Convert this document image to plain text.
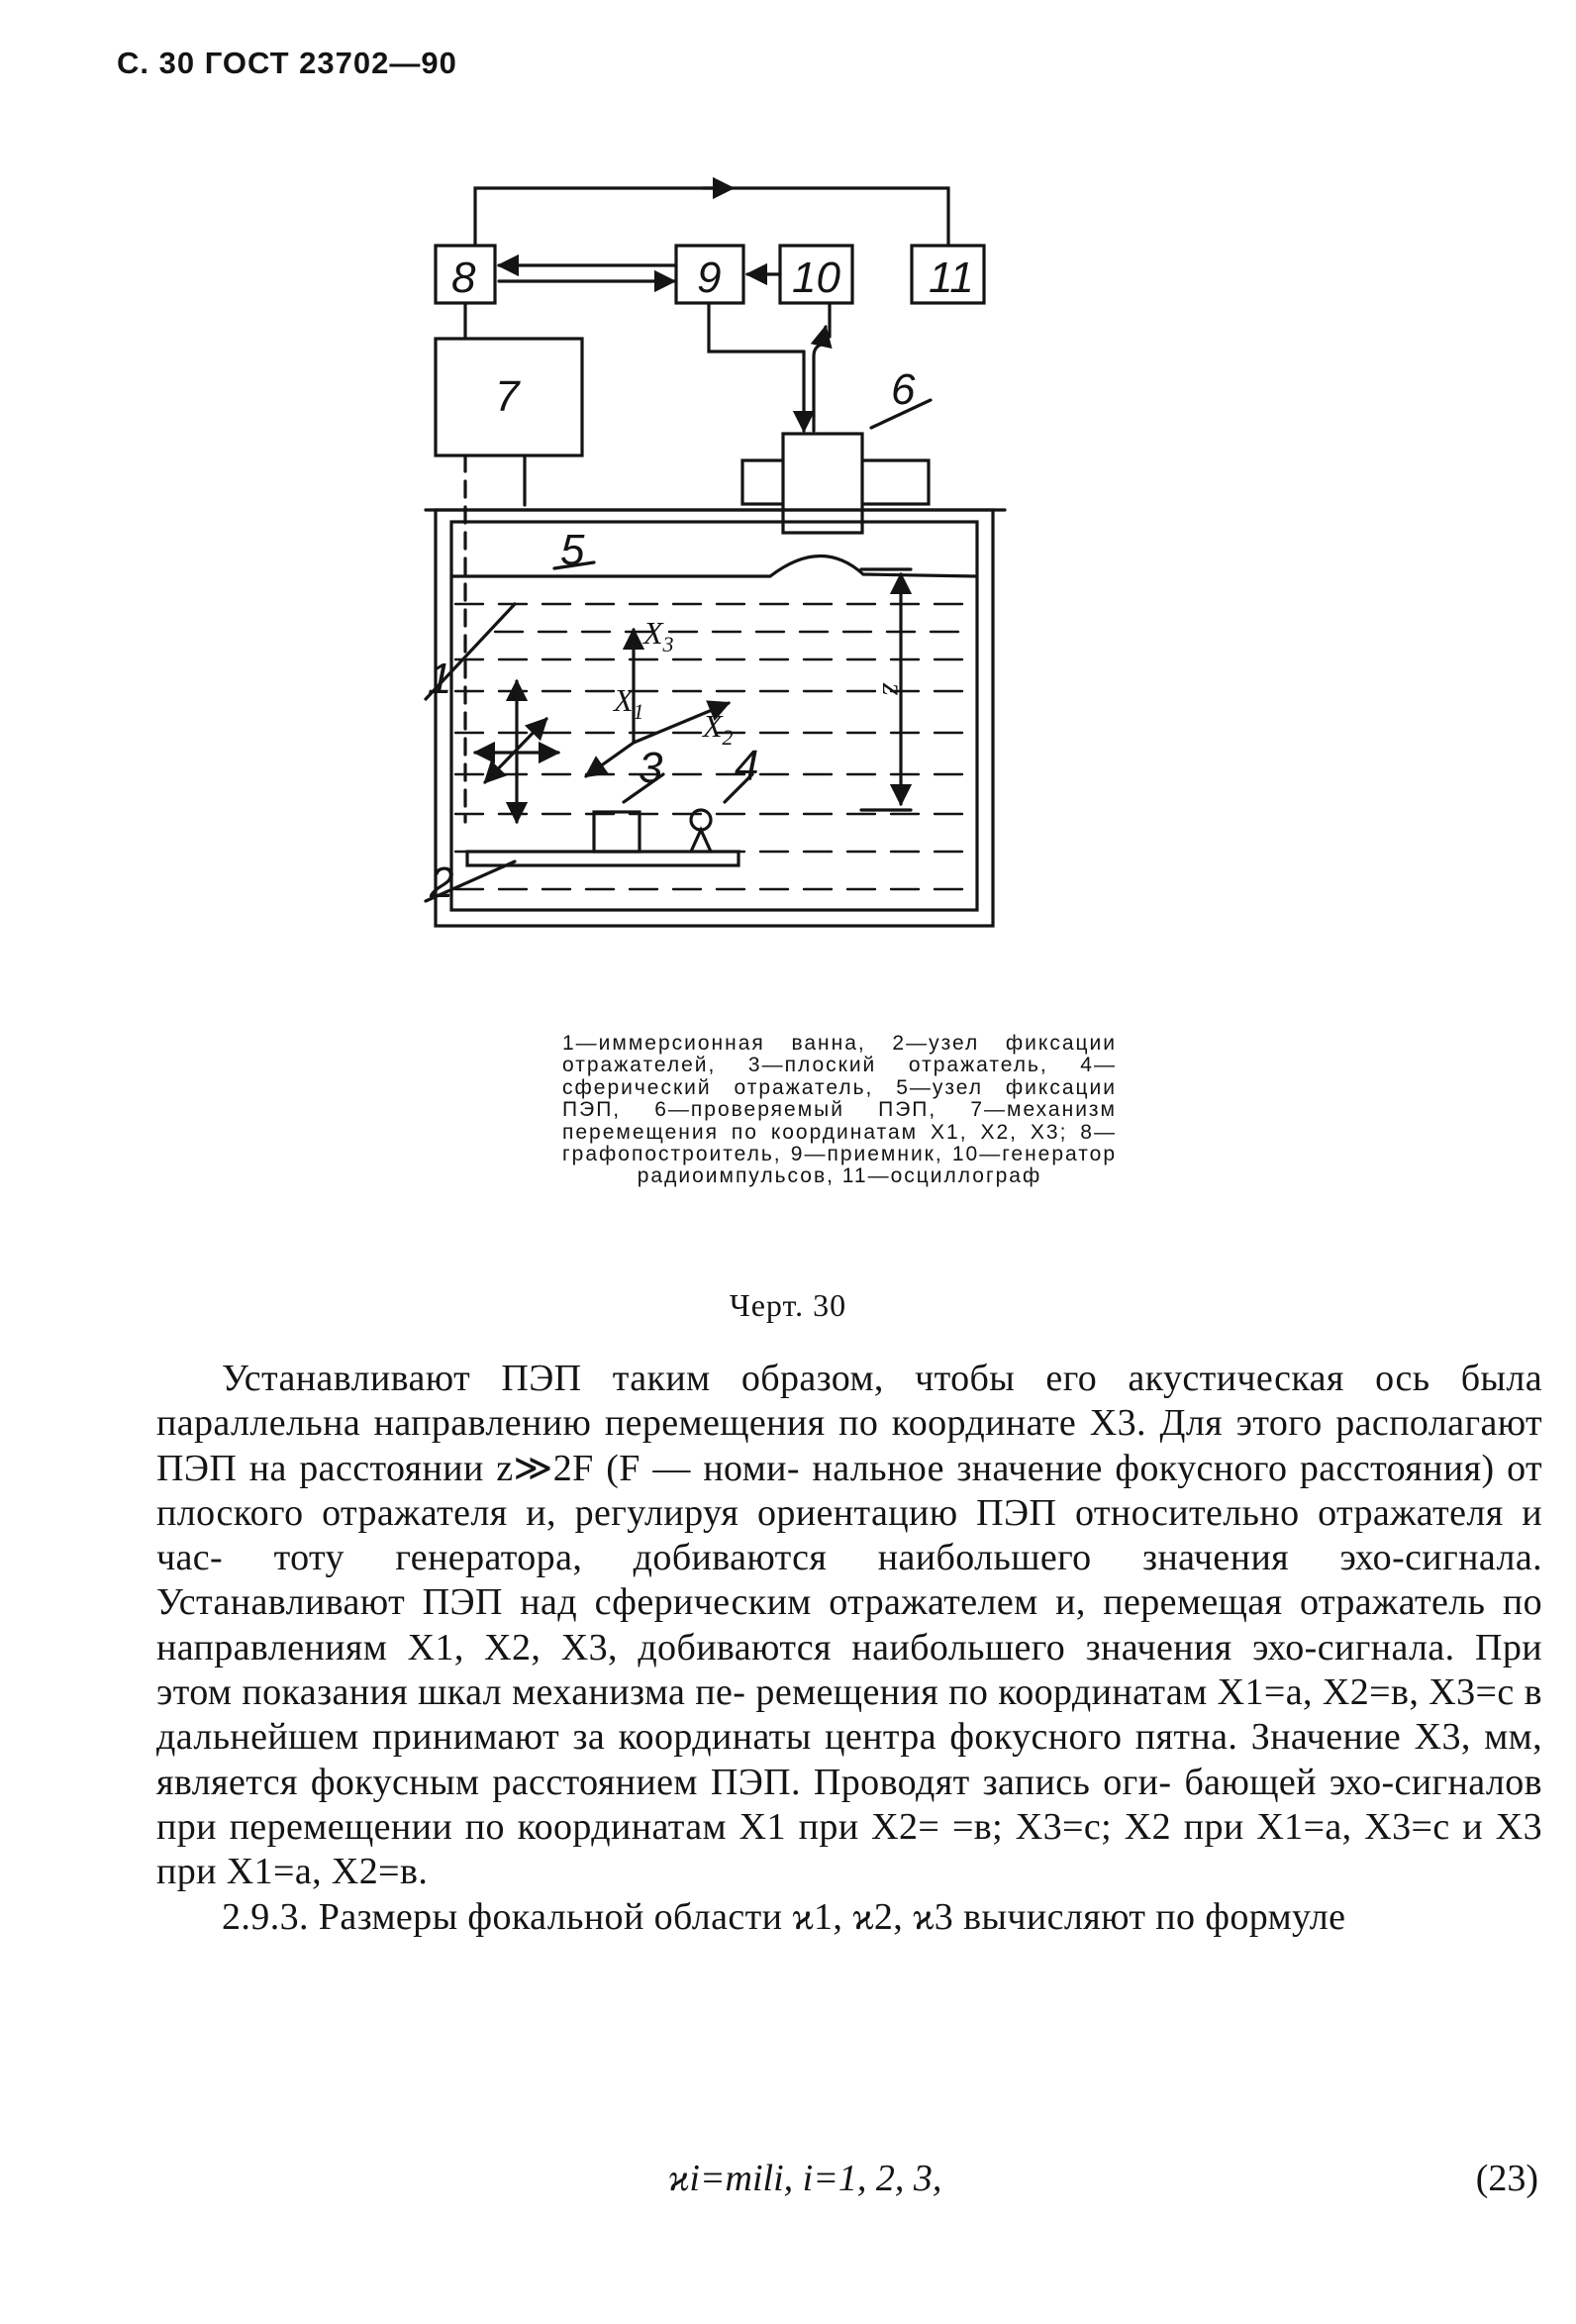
С. 30 ГОСТ 23702—90
8	9 10 11
7	6
5
1
3 4
2
$X_3$
$X_1$ $X_2$
z
1—иммерсионная ванна, 2—узел фиксации отражателей, 3—плоский отражатель, 4—сферический отражатель, 5—узел фиксации ПЭП, 6—проверяемый ПЭП, 7—механизм перемещения по координатам X1, X2, X3; 8—графопостроитель, 9—приемник, 10—генератор радиоимпульсов, 11—осциллограф
Черт. 30

Устанавливают ПЭП таким образом, чтобы его акустическая ось была параллельна направлению перемещения по координате X3. Для этого располагают ПЭП на расстоянии z≫2F (F — номи- нальное значение фокусного расстояния) от плоского отражателя и, регулируя ориентацию ПЭП относительно отражателя и час- тоту генератора, добиваются наибольшего значения эхо-сигнала. Устанавливают ПЭП над сферическим отражателем и, перемещая отражатель по направлениям X1, X2, X3, добиваются наибольшего значения эхо-сигнала. При этом показания шкал механизма пе- ремещения по координатам X1=a, X2=в, X3=c в дальнейшем принимают за координаты центра фокусного пятна. Значение X3, мм, является фокусным расстоянием ПЭП. Проводят запись оги- бающей эхо-сигналов при перемещении по координатам X1 при X2= =в; X3=c; X2 при X1=a, X3=c и X3 при X1=a, X2=в.

2.9.3. Размеры фокальной области ϰ1, ϰ2, ϰ3 вычисляют по формуле

ϰi=mili, i=1, 2, 3,	(23)
